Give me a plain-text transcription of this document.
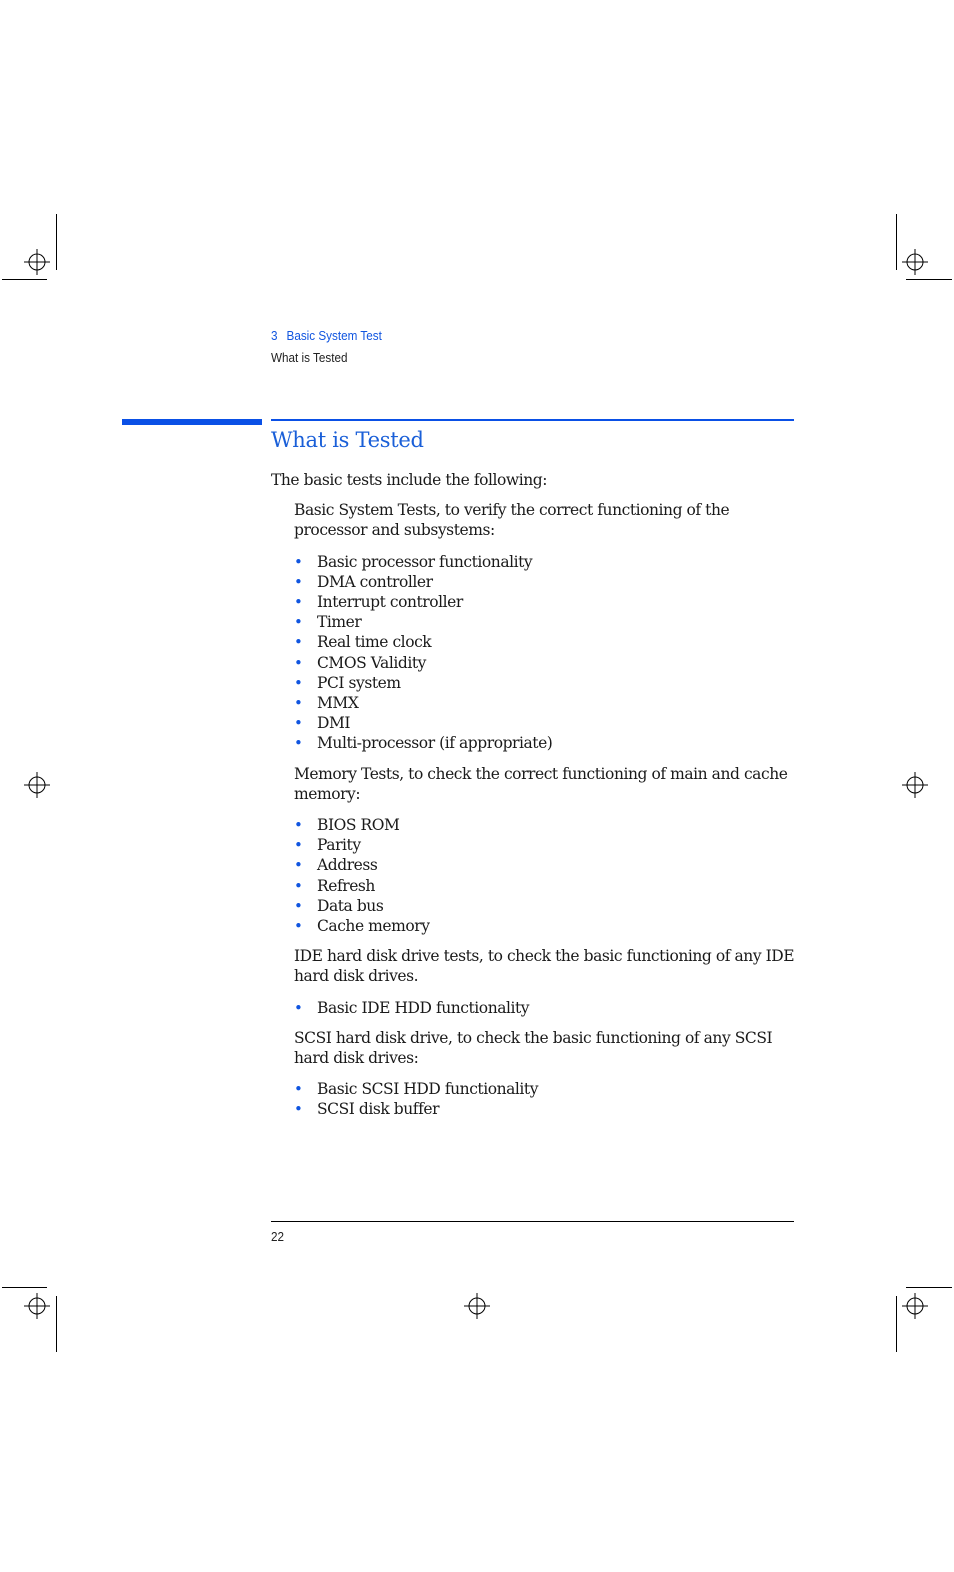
3 Basic System Test
What is Tested
What is Tested

The basic tests include the following:

Basic System Tests, to verify the correct functioning of the processor and subsystems:

• Basic processor functionality
• DMA controller
• Interrupt controller
• Timer
• Real time clock
• CMOS Validity
• PCI system
• MMX
• DMI
• Multi-processor (if appropriate)

Memory Tests, to check the correct functioning of main and cache memory:

• BIOS ROM
• Parity
• Address
• Refresh
• Data bus
• Cache memory

IDE hard disk drive tests, to check the basic functioning of any IDE hard disk drives.

• Basic IDE HDD functionality

SCSI hard disk drive, to check the basic functioning of any SCSI hard disk drives:

• Basic SCSI HDD functionality
• SCSI disk buffer
22
